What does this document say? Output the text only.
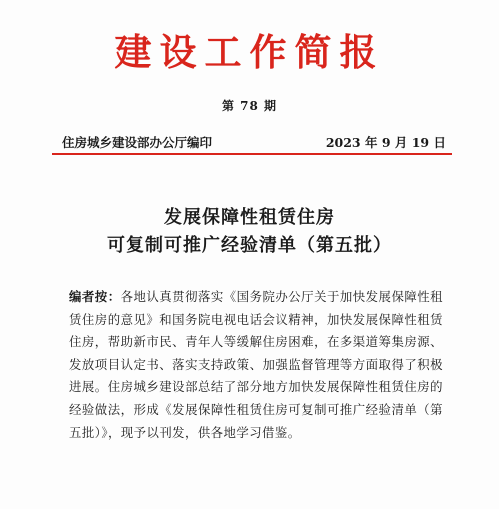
建设工作简报
第 78 期
住房城乡建设部办公厅编印	2023 年 9 月 19 日
发展保障性租赁住房
可复制可推广经验清单（第五批）
编者按：各地认真贯彻落实《国务院办公厅关于加快发展保障性租赁住房的意见》和国务院电视电话会议精神，加快发展保障性租赁住房，帮助新市民、青年人等缓解住房困难，在多渠道筹集房源、发放项目认定书、落实支持政策、加强监督管理等方面取得了积极进展。住房城乡建设部总结了部分地方加快发展保障性租赁住房的经验做法，形成《发展保障性租赁住房可复制可推广经验清单（第五批）》，现予以刊发，供各地学习借鉴。
